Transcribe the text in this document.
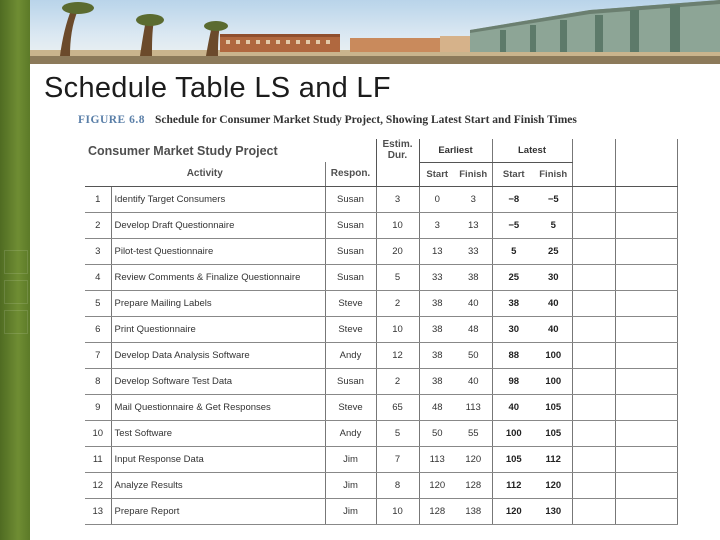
Schedule Table LS and LF
FIGURE 6.8 Schedule for Consumer Market Study Project, Showing Latest Start and Finish Times
Consumer Market Study Project			Estim.
Dur.	Earliest		Latest			
Activity		Respon.		Start	Finish	Start	Finish		
1	Identify Target Consumers	Susan	3	0	3	−8	−5		
2	Develop Draft Questionnaire	Susan	10	3	13	−5	5		
3	Pilot-test Questionnaire	Susan	20	13	33	5	25		
4	Review Comments & Finalize Questionnaire	Susan	5	33	38	25	30		
5	Prepare Mailing Labels	Steve	2	38	40	38	40		
6	Print Questionnaire	Steve	10	38	48	30	40		
7	Develop Data Analysis Software	Andy	12	38	50	88	100		
8	Develop Software Test Data	Susan	2	38	40	98	100		
9	Mail Questionnaire & Get Responses	Steve	65	48	113	40	105		
10	Test Software	Andy	5	50	55	100	105		
11	Input Response Data	Jim	7	113	120	105	112		
12	Analyze Results	Jim	8	120	128	112	120		
13	Prepare Report	Jim	10	128	138	120	130		
